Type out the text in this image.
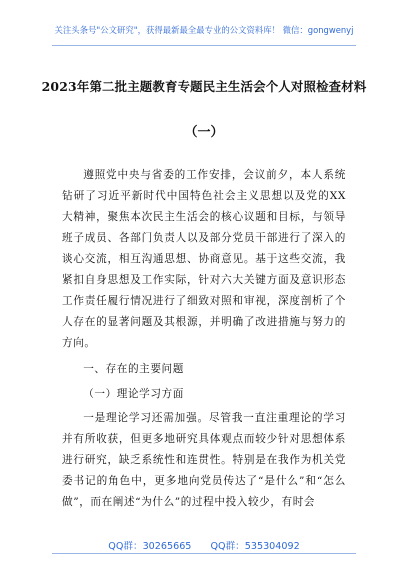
关注头条号"公文研究"，获得最新最全最专业的公文资料库！ 微信：gongwenyj
2023年第二批主题教育专题民主生活会个人对照检查材料
（一）

遵照党中央与省委的工作安排，会议前夕，本人系统钻研了习近平新时代中国特色社会主义思想以及党的XX大精神，聚焦本次民主生活会的核心议题和目标，与领导班子成员、各部门负责人以及部分党员干部进行了深入的谈心交流，相互沟通思想、协商意见。基于这些交流，我紧扣自身思想及工作实际，针对六大关键方面及意识形态工作责任履行情况进行了细致对照和审视，深度剖析了个人存在的显著问题及其根源，并明确了改进措施与努力的方向。

一、存在的主要问题

（一）理论学习方面

一是理论学习还需加强。尽管我一直注重理论的学习并有所收获，但更多地研究具体观点而较少针对思想体系进行研究，缺乏系统性和连贯性。特别是在我作为机关党委书记的角色中，更多地向党员传达了“是什么”和“怎么做”，而在阐述“为什么”的过程中投入较少，有时会

QQ群：30265665 QQ群：535304092
